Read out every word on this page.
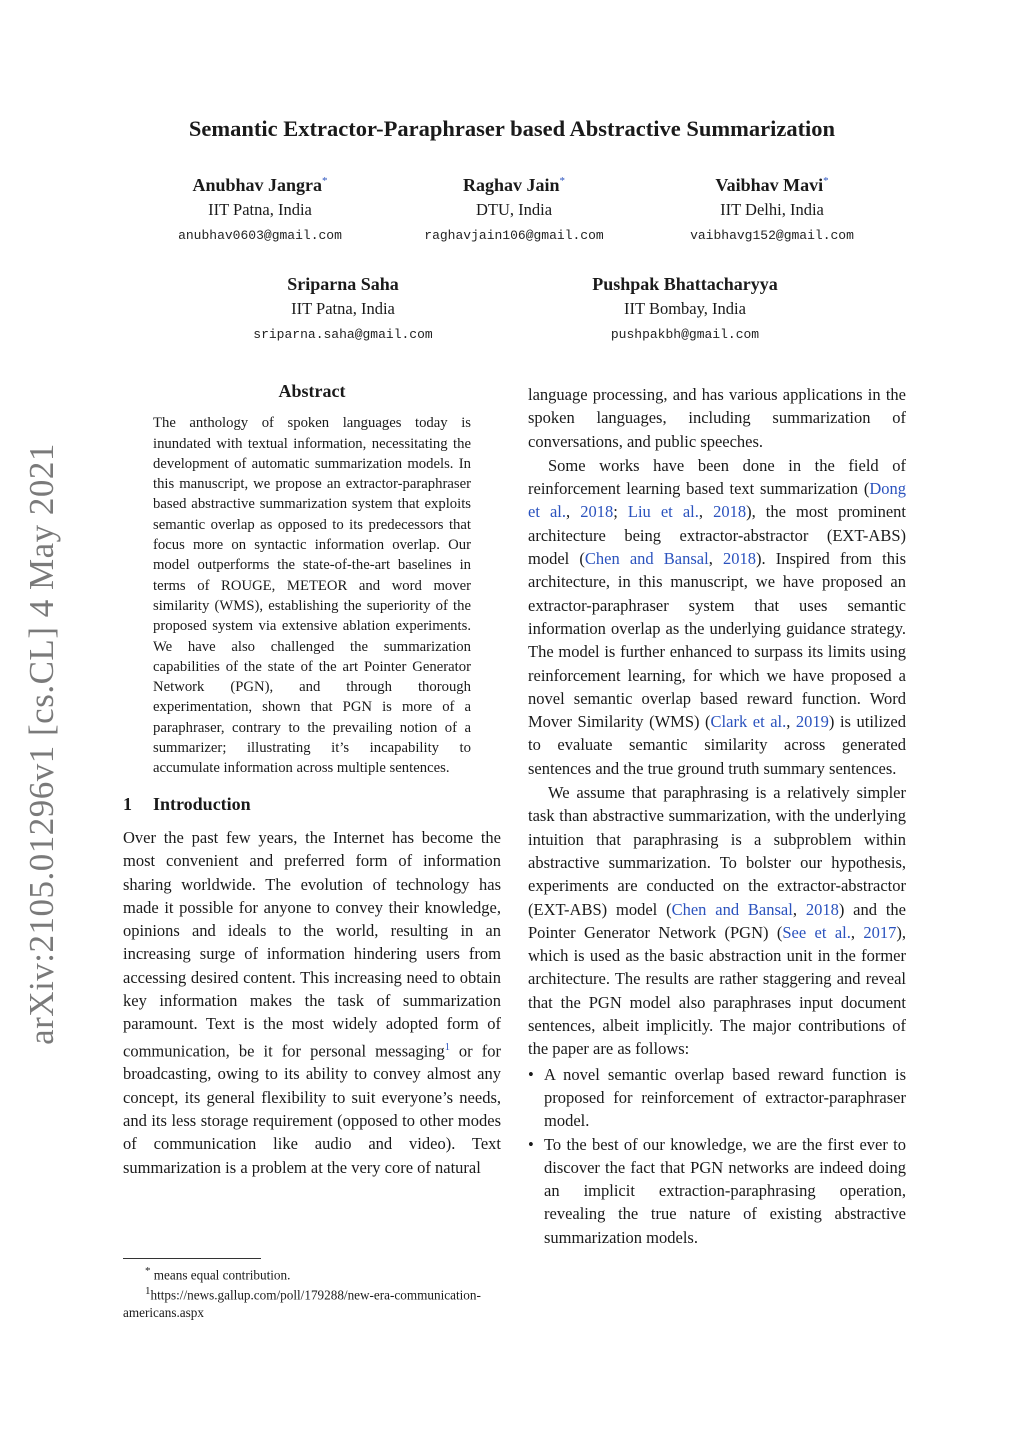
arXiv:2105.01296v1 [cs.CL] 4 May 2021
Semantic Extractor-Paraphraser based Abstractive Summarization
Anubhav Jangra*
IIT Patna, India
anubhav0603@gmail.com
Raghav Jain*
DTU, India
raghavjain106@gmail.com
Vaibhav Mavi*
IIT Delhi, India
vaibhavg152@gmail.com
Sriparna Saha
IIT Patna, India
sriparna.saha@gmail.com
Pushpak Bhattacharyya
IIT Bombay, India
pushpakbh@gmail.com
Abstract

The anthology of spoken languages today is inundated with textual information, necessitating the development of automatic summarization models. In this manuscript, we propose an extractor-paraphraser based abstractive summarization system that exploits semantic overlap as opposed to its predecessors that focus more on syntactic information overlap. Our model outperforms the state-of-the-art baselines in terms of ROUGE, METEOR and word mover similarity (WMS), establishing the superiority of the proposed system via extensive ablation experiments. We have also challenged the summarization capabilities of the state of the art Pointer Generator Network (PGN), and through thorough experimentation, shown that PGN is more of a paraphraser, contrary to the prevailing notion of a summarizer; illustrating it’s incapability to accumulate information across multiple sentences.

1 Introduction

Over the past few years, the Internet has become the most convenient and preferred form of information sharing worldwide. The evolution of technology has made it possible for anyone to convey their knowledge, opinions and ideals to the world, resulting in an increasing surge of information hindering users from accessing desired content. This increasing need to obtain key information makes the task of summarization paramount. Text is the most widely adopted form of communication, be it for personal messaging$^1$ or for broadcasting, owing to its ability to convey almost any concept, its general flexibility to suit everyone’s needs, and its less storage requirement (opposed to other modes of communication like audio and video). Text summarization is a problem at the very core of natural

* means equal contribution.
$^1$https://news.gallup.com/poll/179288/new-era-communication-americans.aspx

language processing, and has various applications in the spoken languages, including summarization of conversations, and public speeches.

Some works have been done in the field of reinforcement learning based text summarization (Dong et al., 2018; Liu et al., 2018), the most prominent architecture being extractor-abstractor (EXT-ABS) model (Chen and Bansal, 2018). Inspired from this architecture, in this manuscript, we have proposed an extractor-paraphraser system that uses semantic information overlap as the underlying guidance strategy. The model is further enhanced to surpass its limits using reinforcement learning, for which we have proposed a novel semantic overlap based reward function. Word Mover Similarity (WMS) (Clark et al., 2019) is utilized to evaluate semantic similarity across generated sentences and the true ground truth summary sentences.

We assume that paraphrasing is a relatively simpler task than abstractive summarization, with the underlying intuition that paraphrasing is a subproblem within abstractive summarization. To bolster our hypothesis, experiments are conducted on the extractor-abstractor (EXT-ABS) model (Chen and Bansal, 2018) and the Pointer Generator Network (PGN) (See et al., 2017), which is used as the basic abstraction unit in the former architecture. The results are rather staggering and reveal that the PGN model also paraphrases input document sentences, albeit implicitly. The major contributions of the paper are as follows:

• A novel semantic overlap based reward function is proposed for reinforcement of extractor-paraphraser model.
• To the best of our knowledge, we are the first ever to discover the fact that PGN networks are indeed doing an implicit extraction-paraphrasing operation, revealing the true nature of existing abstractive summarization models.
